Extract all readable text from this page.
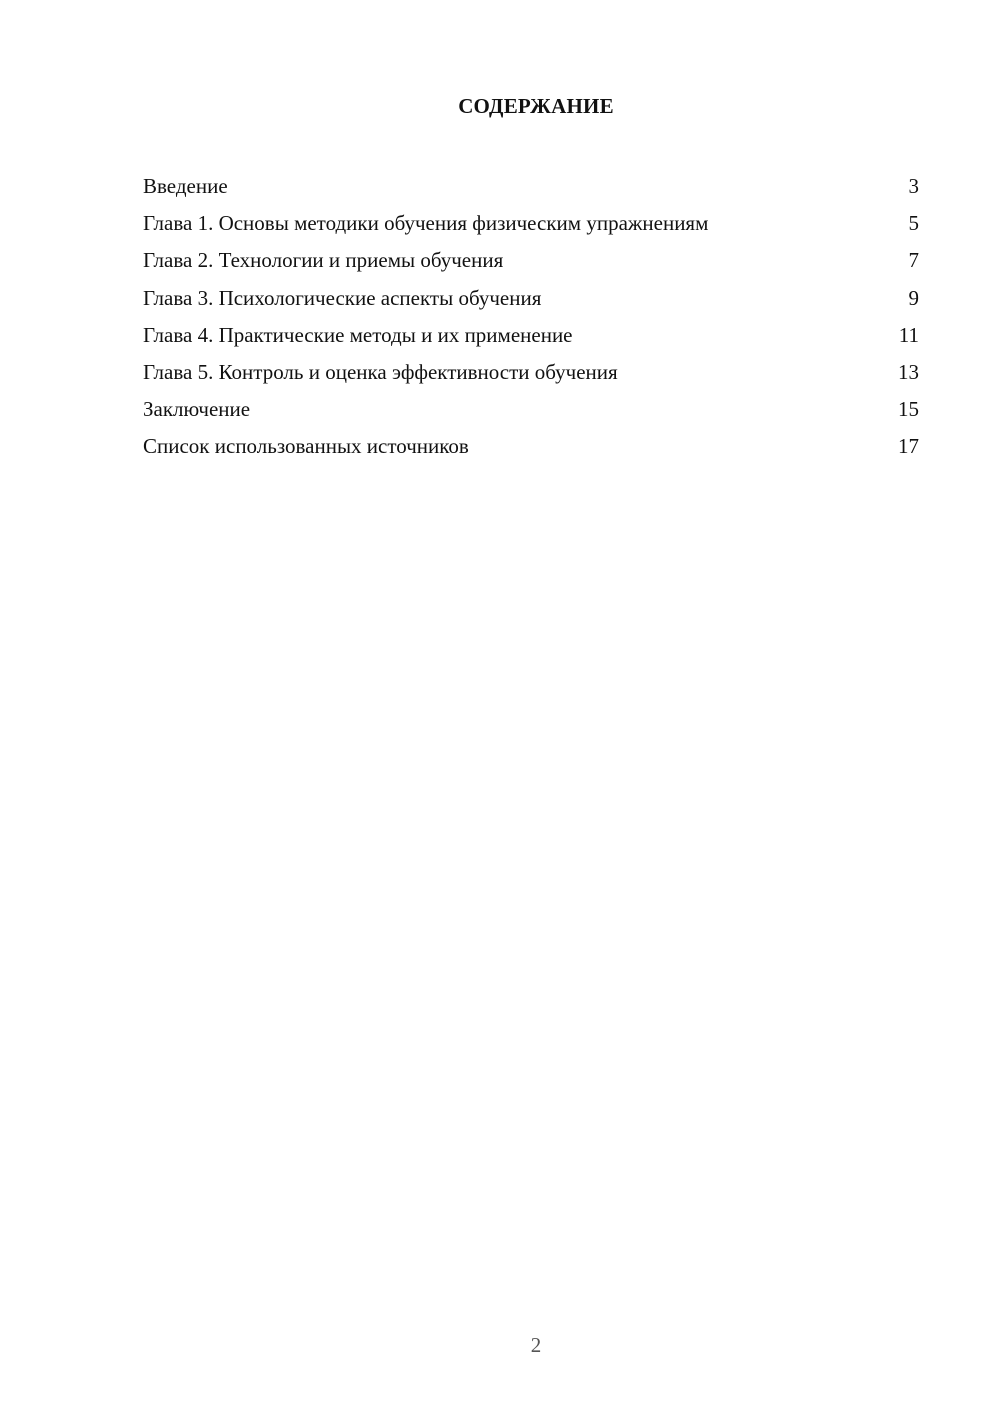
СОДЕРЖАНИЕ
Введение	3
Глава 1. Основы методики обучения физическим упражнениям	5
Глава 2. Технологии и приемы обучения	7
Глава 3. Психологические аспекты обучения	9
Глава 4. Практические методы и их применение	11
Глава 5. Контроль и оценка эффективности обучения	13
Заключение	15
Список использованных источников	17
2
